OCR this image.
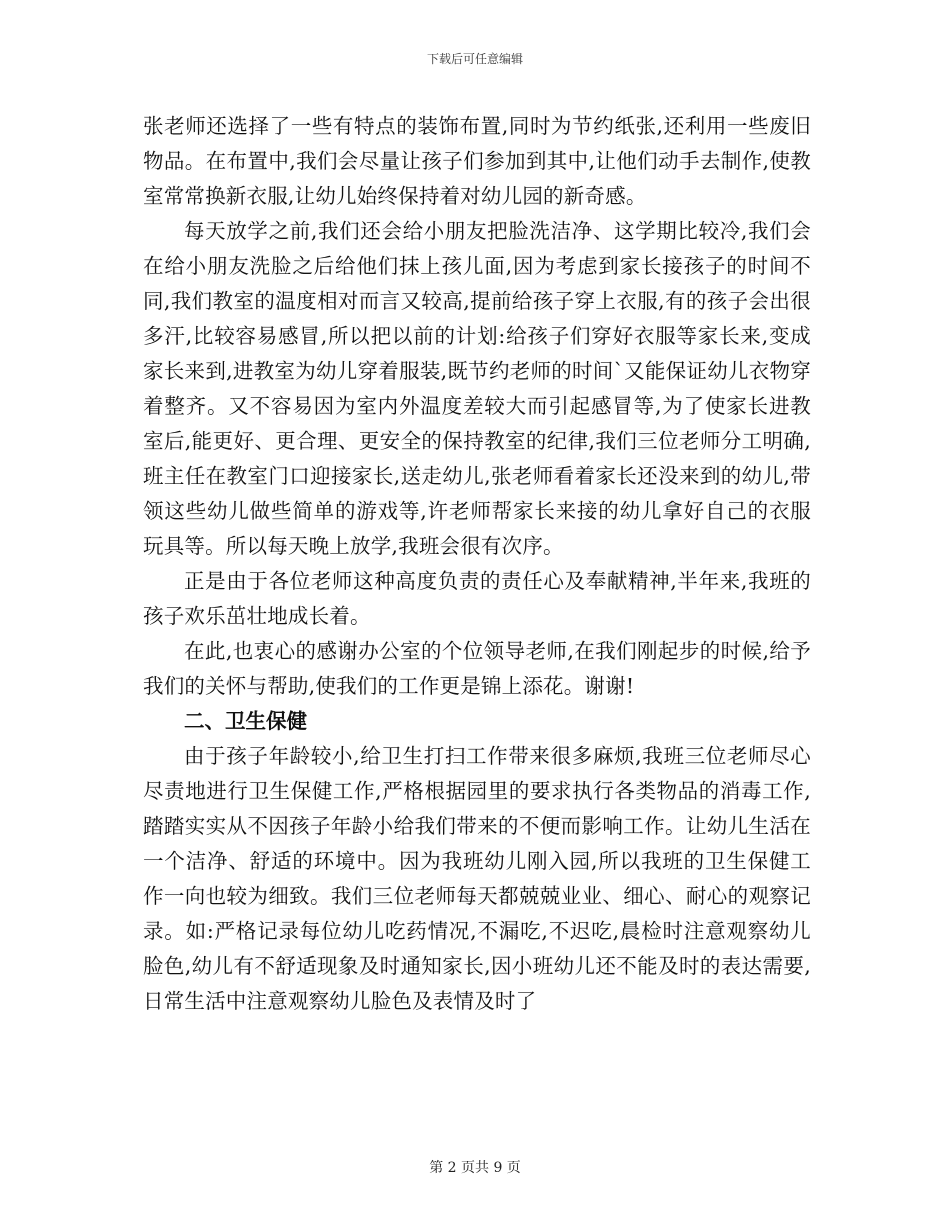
下载后可任意编辑

张老师还选择了一些有特点的装饰布置,同时为节约纸张,还利用一些废旧物品。在布置中,我们会尽量让孩子们参加到其中,让他们动手去制作,使教室常常换新衣服,让幼儿始终保持着对幼儿园的新奇感。

每天放学之前,我们还会给小朋友把脸洗洁净、这学期比较冷,我们会在给小朋友洗脸之后给他们抹上孩儿面,因为考虑到家长接孩子的时间不同,我们教室的温度相对而言又较高,提前给孩子穿上衣服,有的孩子会出很多汗,比较容易感冒,所以把以前的计划:给孩子们穿好衣服等家长来,变成家长来到,进教室为幼儿穿着服装,既节约老师的时间`又能保证幼儿衣物穿着整齐。又不容易因为室内外温度差较大而引起感冒等,为了使家长进教室后,能更好、更合理、更安全的保持教室的纪律,我们三位老师分工明确,班主任在教室门口迎接家长,送走幼儿,张老师看着家长还没来到的幼儿,带领这些幼儿做些简单的游戏等,许老师帮家长来接的幼儿拿好自己的衣服玩具等。所以每天晚上放学,我班会很有次序。

正是由于各位老师这种高度负责的责任心及奉献精神,半年来,我班的孩子欢乐茁壮地成长着。

在此,也衷心的感谢办公室的个位领导老师,在我们刚起步的时候,给予我们的关怀与帮助,使我们的工作更是锦上添花。谢谢!

二、卫生保健

由于孩子年龄较小,给卫生打扫工作带来很多麻烦,我班三位老师尽心尽责地进行卫生保健工作,严格根据园里的要求执行各类物品的消毒工作,踏踏实实从不因孩子年龄小给我们带来的不便而影响工作。让幼儿生活在一个洁净、舒适的环境中。因为我班幼儿刚入园,所以我班的卫生保健工作一向也较为细致。我们三位老师每天都兢兢业业、细心、耐心的观察记录。如:严格记录每位幼儿吃药情况,不漏吃,不迟吃,晨检时注意观察幼儿脸色,幼儿有不舒适现象及时通知家长,因小班幼儿还不能及时的表达需要,日常生活中注意观察幼儿脸色及表情及时了

第 2 页共 9 页
